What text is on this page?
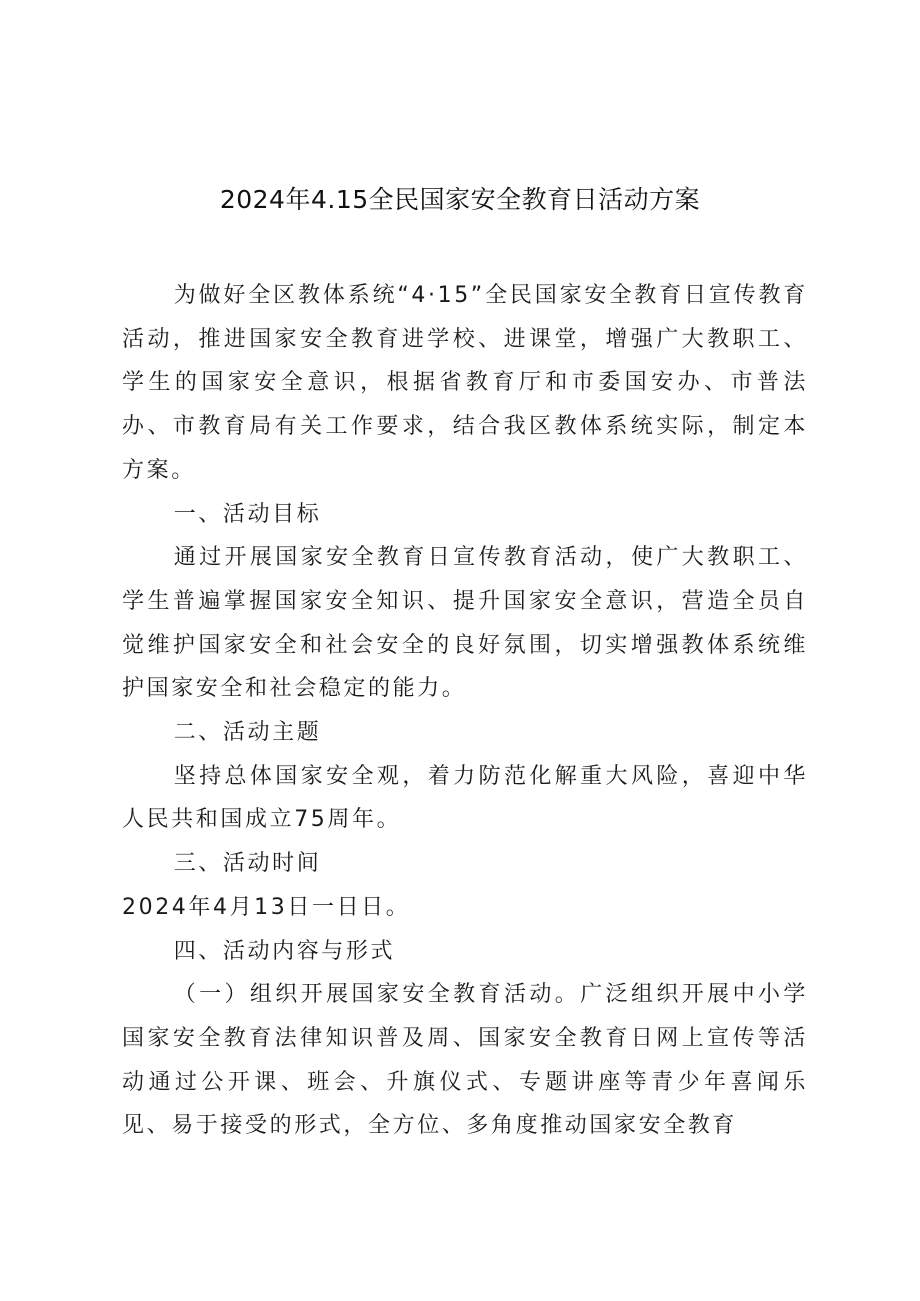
2024年4.15全民国家安全教育日活动方案

为做好全区教体系统“4·15”全民国家安全教育日宣传教育活动，推进国家安全教育进学校、进课堂，增强广大教职工、学生的国家安全意识，根据省教育厅和市委国安办、市普法办、市教育局有关工作要求，结合我区教体系统实际，制定本方案。

一、活动目标

通过开展国家安全教育日宣传教育活动，使广大教职工、学生普遍掌握国家安全知识、提升国家安全意识，营造全员自觉维护国家安全和社会安全的良好氛围，切实增强教体系统维护国家安全和社会稳定的能力。

二、活动主题

坚持总体国家安全观，着力防范化解重大风险，喜迎中华人民共和国成立75周年。

三、活动时间

2024年4月13日一日日。

四、活动内容与形式

（一）组织开展国家安全教育活动。广泛组织开展中小学国家安全教育法律知识普及周、国家安全教育日网上宣传等活动通过公开课、班会、升旗仪式、专题讲座等青少年喜闻乐见、易于接受的形式，全方位、多角度推动国家安全教育
